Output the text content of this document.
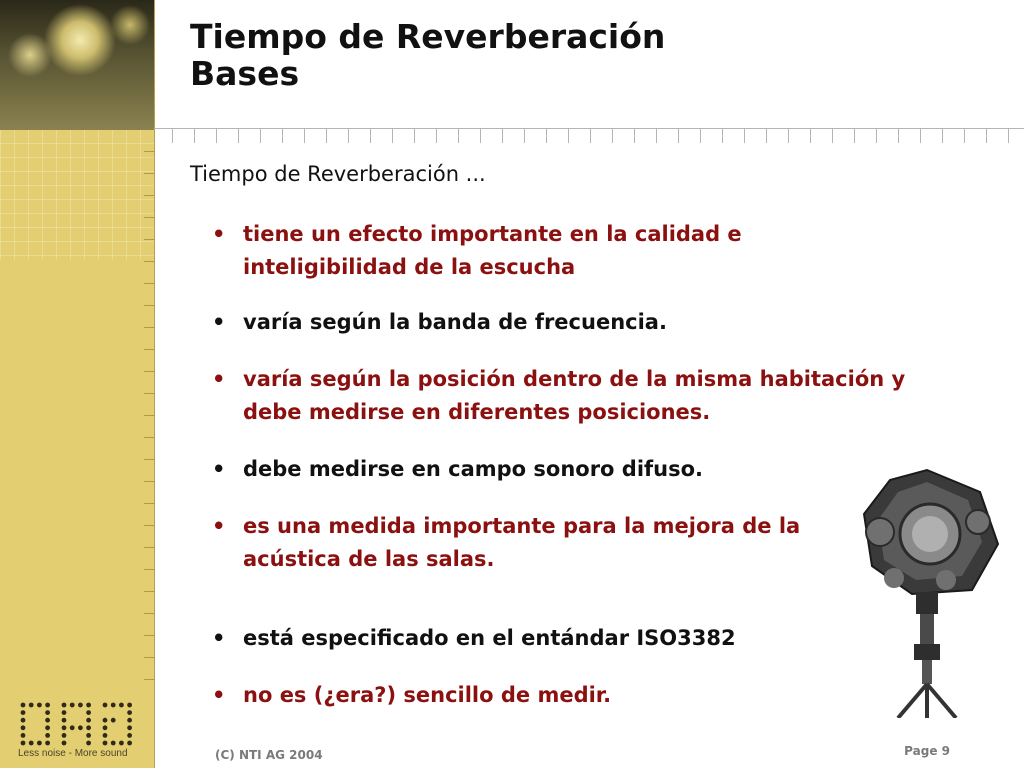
Less noise - More sound
Tiempo de Reverberación
Bases
Tiempo de Reverberación ...
• tiene un efecto importante en la calidad e inteligibilidad de la escucha
• varía según la banda de frecuencia.
• varía según la posición dentro de la misma habitación y debe medirse en diferentes posiciones.
• debe medirse en campo sonoro difuso.
• es una medida importante para la mejora de la acústica de las salas.
• está especificado en el entándar ISO3382
• no es (¿era?) sencillo de medir.
(C) NTI AG 2004	Page 9
